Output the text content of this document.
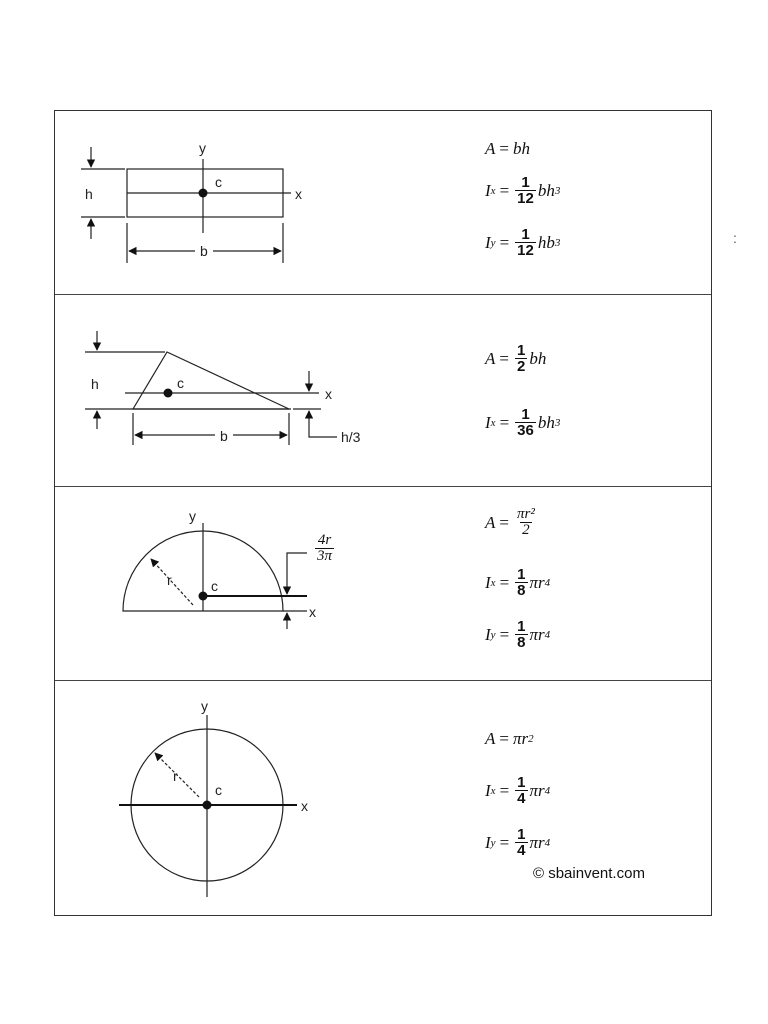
:
y
x
c
h
b
A = bh
I $x = \frac{1}{12}$ bh 3
I $y = \frac{1}{12}$ hb 3
c
x
h
h/3
b
$A = \frac{1}{2}$ bh
I $x = \frac{1}{36}$ bh 3
c
y
x
r
$\frac{4r}{3\pi}$
$A = \frac{\text{πr²}}{2}$
I $x = \frac{1}{8}$ πr 4
I $y = \frac{1}{8}$ πr 4
c
y
x
r
A = πr 2
I $x = \frac{1}{4}$ πr 4
I $y = \frac{1}{4}$ πr 4
© sbainvent.com
